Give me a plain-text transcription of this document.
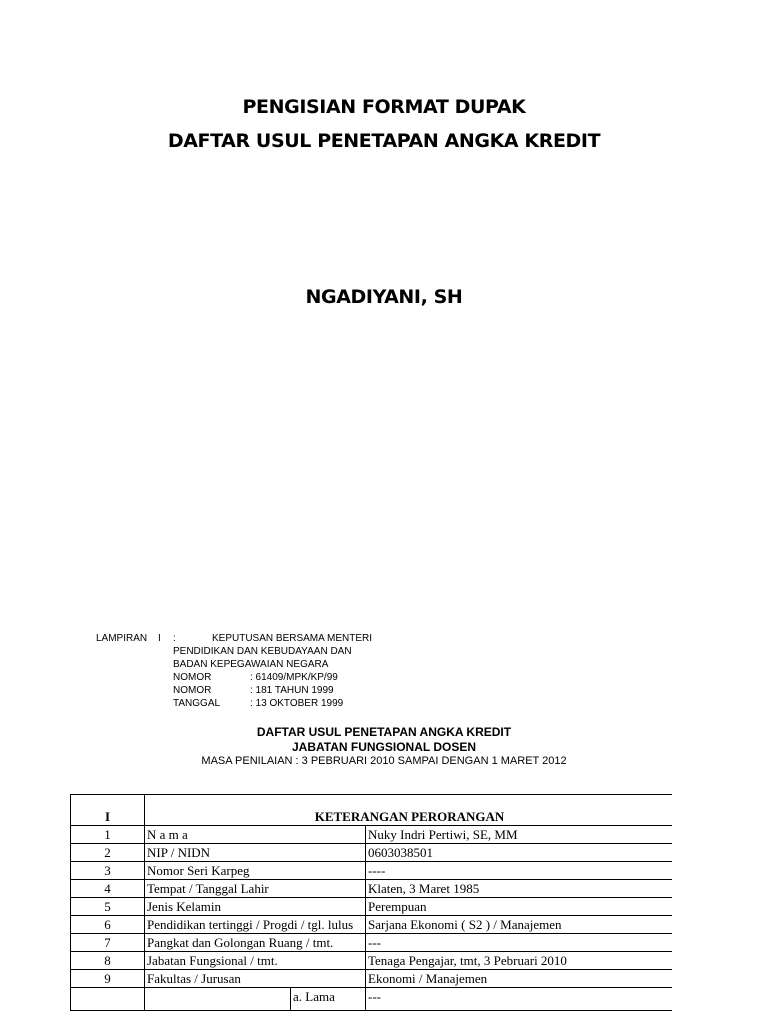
PENGISIAN FORMAT DUPAK
DAFTAR USUL PENETAPAN ANGKA KREDIT
NGADIYANI, SH
LAMPIRAN I :	KEPUTUSAN BERSAMA MENTERI
PENDIDIKAN DAN KEBUDAYAAN DAN
BADAN KEPEGAWAIAN NEGARA
NOMOR	: 61409/MPK/KP/99
NOMOR	: 181 TAHUN 1999
TANGGAL	: 13 OKTOBER 1999
DAFTAR USUL PENETAPAN ANGKA KREDIT
JABATAN FUNGSIONAL DOSEN
MASA PENILAIAN : 3 PEBRUARI 2010 SAMPAI DENGAN 1 MARET 2012
I	KETERANGAN PERORANGAN		
1	N a m a		Nuky Indri Pertiwi, SE, MM
2	NIP / NIDN		0603038501
3	Nomor Seri Karpeg		----
4	Tempat / Tanggal Lahir		Klaten, 3 Maret 1985
5	Jenis Kelamin		Perempuan
6	Pendidikan tertinggi / Progdi / tgl. lulus		Sarjana Ekonomi ( S2 ) / Manajemen
7	Pangkat dan Golongan Ruang / tmt.		---
8	Jabatan Fungsional / tmt.		Tenaga Pengajar, tmt, 3 Pebruari 2010
9	Fakultas / Jurusan		Ekonomi / Manajemen
		a. Lama	---
